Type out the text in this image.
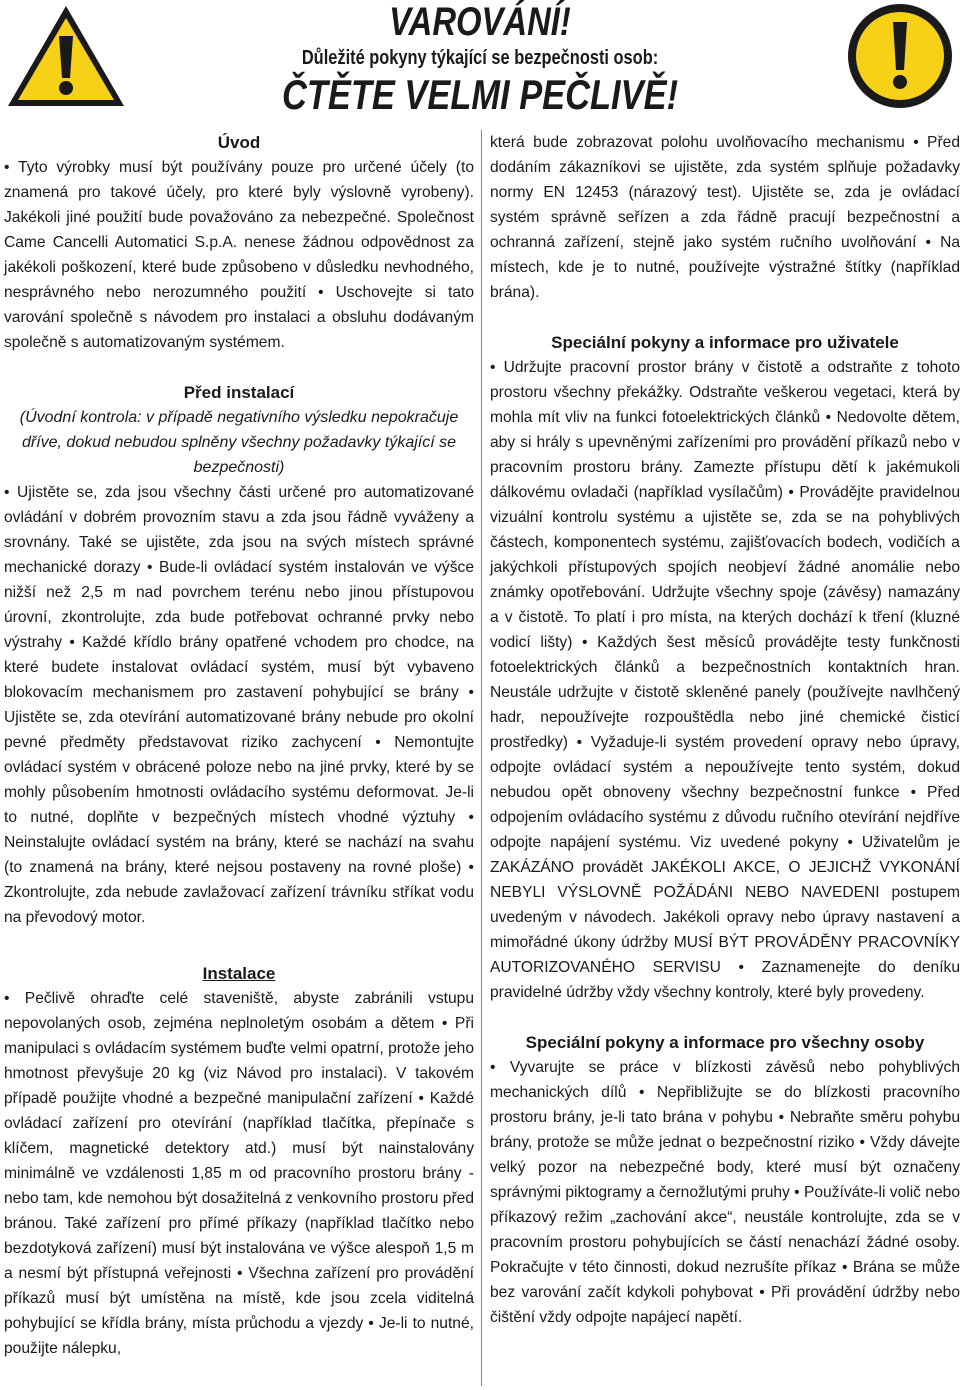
VAROVÁNÍ!

Důležité pokyny týkající se bezpečnosti osob:

ČTĚTE VELMI PEČLIVĚ!

Úvod

• Tyto výrobky musí být používány pouze pro určené účely (to znamená pro takové účely, pro které byly výslovně vyrobeny). Jakékoli jiné použití bude považováno za nebezpečné. Společnost Came Cancelli Automatici S.p.A. nenese žádnou odpovědnost za jakékoli poškození, které bude způsobeno v důsledku nevhodného, nesprávného nebo nerozumného použití • Uschovejte si tato varování společně s návodem pro instalaci a obsluhu dodávaným společně s automatizovaným systémem.

Před instalací

(Úvodní kontrola: v případě negativního výsledku nepokračuje dříve, dokud nebudou splněny všechny požadavky týkající se bezpečnosti)

• Ujistěte se, zda jsou všechny části určené pro automatizované ovládání v dobrém provozním stavu a zda jsou řádně vyváženy a srovnány. Také se ujistěte, zda jsou na svých místech správné mechanické dorazy • Bude-li ovládací systém instalován ve výšce nižší než 2,5 m nad povrchem terénu nebo jinou přístupovou úrovní, zkontrolujte, zda bude potřebovat ochranné prvky nebo výstrahy • Každé křídlo brány opatřené vchodem pro chodce, na které budete instalovat ovládací systém, musí být vybaveno blokovacím mechanismem pro zastavení pohybující se brány • Ujistěte se, zda otevírání automatizované brány nebude pro okolní pevné předměty představovat riziko zachycení • Nemontujte ovládací systém v obrácené poloze nebo na jiné prvky, které by se mohly působením hmotnosti ovládacího systému deformovat. Je-li to nutné, doplňte v bezpečných místech vhodné výztuhy • Neinstalujte ovládací systém na brány, které se nachází na svahu (to znamená na brány, které nejsou postaveny na rovné ploše) • Zkontrolujte, zda nebude zavlažovací zařízení trávníku stříkat vodu na převodový motor.

Instalace

• Pečlivě ohraďte celé staveniště, abyste zabránili vstupu nepovolaných osob, zejména neplnoletým osobám a dětem • Při manipulaci s ovládacím systémem buďte velmi opatrní, protože jeho hmotnost převyšuje 20 kg (viz Návod pro instalaci). V takovém případě použijte vhodné a bezpečné manipulační zařízení • Každé ovládací zařízení pro otevírání (například tlačítka, přepínače s klíčem, magnetické detektory atd.) musí být nainstalovány minimálně ve vzdálenosti 1,85 m od pracovního prostoru brány - nebo tam, kde nemohou být dosažitelná z venkovního prostoru před bránou. Také zařízení pro přímé příkazy (například tlačítko nebo bezdotyková zařízení) musí být instalována ve výšce alespoň 1,5 m a nesmí být přístupná veřejnosti • Všechna zařízení pro provádění příkazů musí být umístěna na místě, kde jsou zcela viditelná pohybující se křídla brány, místa průchodu a vjezdy • Je-li to nutné, použijte nálepku,

která bude zobrazovat polohu uvolňovacího mechanismu • Před dodáním zákazníkovi se ujistěte, zda systém splňuje požadavky normy EN 12453 (nárazový test). Ujistěte se, zda je ovládací systém správně seřízen a zda řádně pracují bezpečnostní a ochranná zařízení, stejně jako systém ručního uvolňování • Na místech, kde je to nutné, používejte výstražné štítky (například brána).

Speciální pokyny a informace pro uživatele

• Udržujte pracovní prostor brány v čistotě a odstraňte z tohoto prostoru všechny překážky. Odstraňte veškerou vegetaci, která by mohla mít vliv na funkci fotoelektrických článků • Nedovolte dětem, aby si hrály s upevněnými zařízeními pro provádění příkazů nebo v pracovním prostoru brány. Zamezte přístupu dětí k jakémukoli dálkovému ovladači (například vysílačům) • Provádějte pravidelnou vizuální kontrolu systému a ujistěte se, zda se na pohyblivých částech, komponentech systému, zajišťovacích bodech, vodičích a jakýchkoli přístupových spojích neobjeví žádné anomálie nebo známky opotřebování. Udržujte všechny spoje (závěsy) namazány a v čistotě. To platí i pro místa, na kterých dochází k tření (kluzné vodicí lišty) • Každých šest měsíců provádějte testy funkčnosti fotoelektrických článků a bezpečnostních kontaktních hran. Neustále udržujte v čistotě skleněné panely (používejte navlhčený hadr, nepoužívejte rozpouštědla nebo jiné chemické čisticí prostředky) • Vyžaduje-li systém provedení opravy nebo úpravy, odpojte ovládací systém a nepoužívejte tento systém, dokud nebudou opět obnoveny všechny bezpečnostní funkce • Před odpojením ovládacího systému z důvodu ručního otevírání nejdříve odpojte napájení systému. Viz uvedené pokyny • Uživatelům je ZAKÁZÁNO provádět JAKÉKOLI AKCE, O JEJICHŽ VYKONÁNÍ NEBYLI VÝSLOVNĚ POŽÁDÁNI NEBO NAVEDENI postupem uvedeným v návodech. Jakékoli opravy nebo úpravy nastavení a mimořádné úkony údržby MUSÍ BÝT PROVÁDĚNY PRACOVNÍKY AUTORIZOVANÉHO SERVISU • Zaznamenejte do deníku pravidelné údržby vždy všechny kontroly, které byly provedeny.

Speciální pokyny a informace pro všechny osoby

• Vyvarujte se práce v blízkosti závěsů nebo pohyblivých mechanických dílů • Nepřibližujte se do blízkosti pracovního prostoru brány, je-li tato brána v pohybu • Nebraňte směru pohybu brány, protože se může jednat o bezpečnostní riziko • Vždy dávejte velký pozor na nebezpečné body, které musí být označeny správnými piktogramy a černožlutými pruhy • Používáte-li volič nebo příkazový režim „zachování akce“, neustále kontrolujte, zda se v pracovním prostoru pohybujících se částí nenachází žádné osoby. Pokračujte v této činnosti, dokud nezrušíte příkaz • Brána se může bez varování začít kdykoli pohybovat • Při provádění údržby nebo čištění vždy odpojte napájecí napětí.
